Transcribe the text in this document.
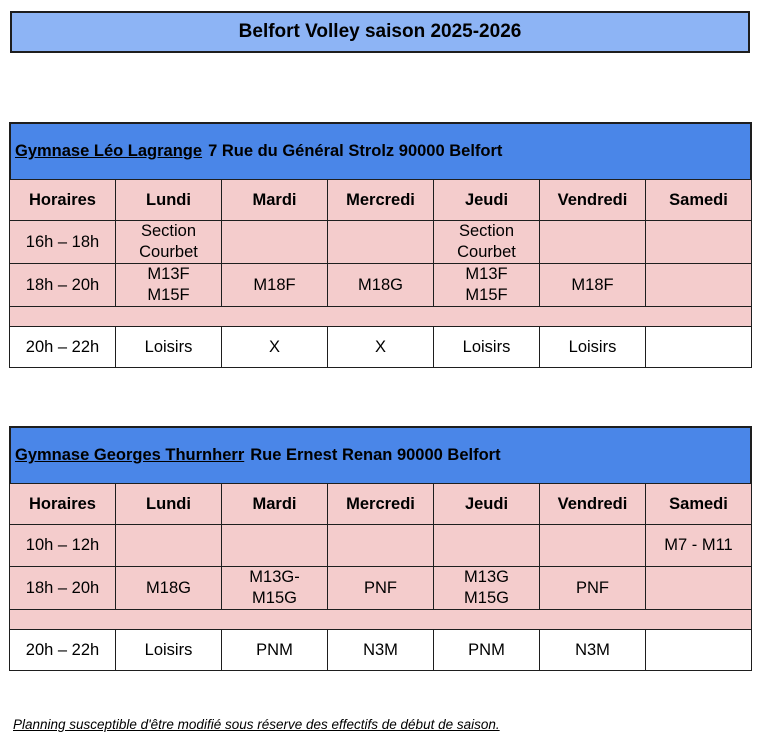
Belfort Volley saison 2025-2026
Gymnase Léo Lagrange 7 Rue du Général Strolz 90000 Belfort
Horaires	Lundi	Mardi	Mercredi	Jeudi	Vendredi	Samedi
16h – 18h	Section Courbet			Section Courbet		
18h – 20h	M13F M15F	M18F	M18G	M13F M15F	M18F	

20h – 22h	Loisirs	X	X	Loisirs	Loisirs	
Gymnase Georges Thurnherr Rue Ernest Renan 90000 Belfort
Horaires	Lundi	Mardi	Mercredi	Jeudi	Vendredi	Samedi
10h – 12h						M7 - M11
18h – 20h	M18G	M13G- M15G	PNF	M13G M15G	PNF	

20h – 22h	Loisirs	PNM	N3M	PNM	N3M	
Planning susceptible d'être modifié sous réserve des effectifs de début de saison.
